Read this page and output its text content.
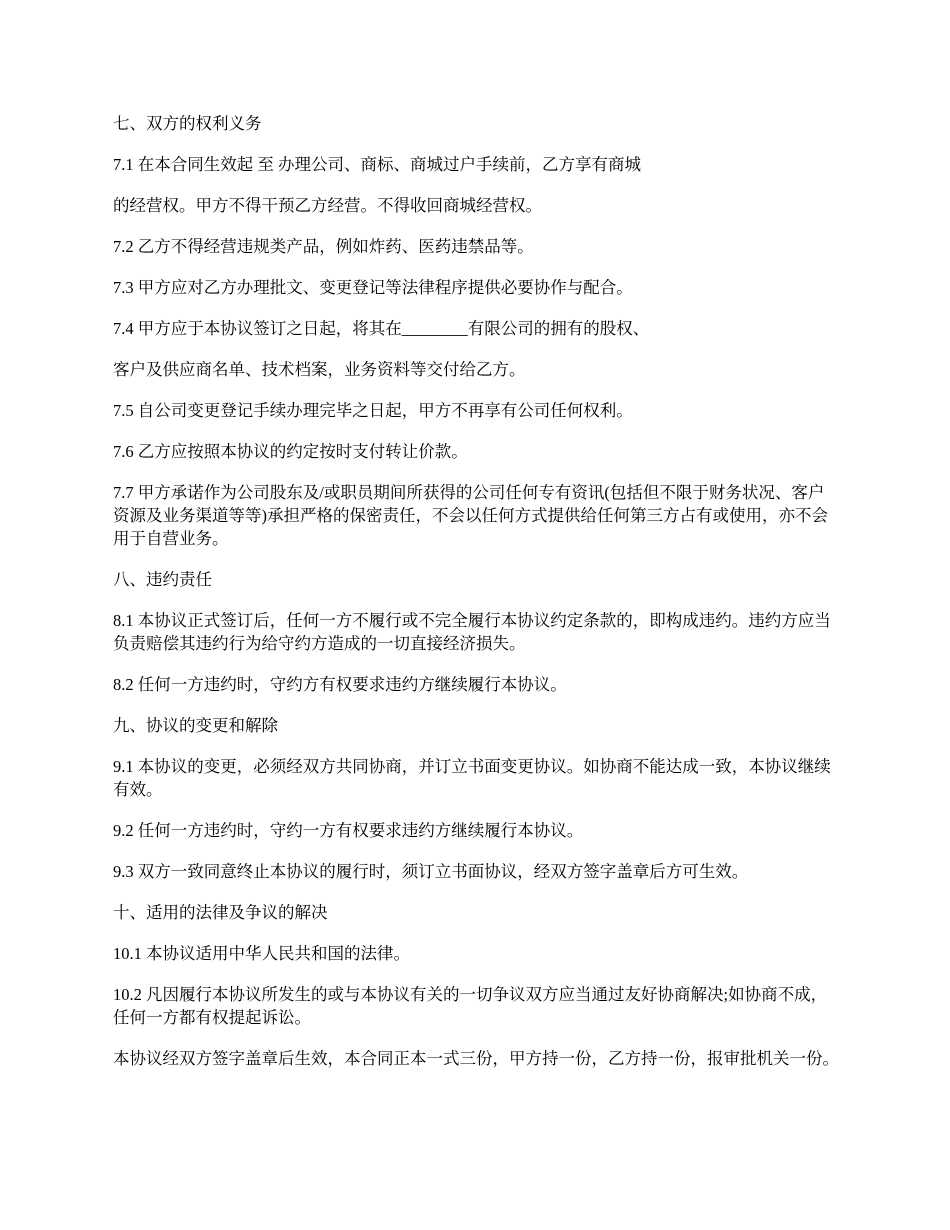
七、双方的权利义务

7.1 在本合同生效起 至 办理公司、商标、商城过户手续前，乙方享有商城

的经营权。甲方不得干预乙方经营。不得收回商城经营权。

7.2 乙方不得经营违规类产品，例如炸药、医药违禁品等。

7.3 甲方应对乙方办理批文、变更登记等法律程序提供必要协作与配合。

7.4 甲方应于本协议签订之日起，将其在________有限公司的拥有的股权、

客户及供应商名单、技术档案，业务资料等交付给乙方。

7.5 自公司变更登记手续办理完毕之日起，甲方不再享有公司任何权利。

7.6 乙方应按照本协议的约定按时支付转让价款。

7.7 甲方承诺作为公司股东及/或职员期间所获得的公司任何专有资讯(包括但不限于财务状况、客户资源及业务渠道等等)承担严格的保密责任，不会以任何方式提供给任何第三方占有或使用，亦不会用于自营业务。

八、违约责任

8.1 本协议正式签订后，任何一方不履行或不完全履行本协议约定条款的，即构成违约。违约方应当负责赔偿其违约行为给守约方造成的一切直接经济损失。

8.2 任何一方违约时，守约方有权要求违约方继续履行本协议。

九、协议的变更和解除

9.1 本协议的变更，必须经双方共同协商，并订立书面变更协议。如协商不能达成一致，本协议继续有效。

9.2 任何一方违约时，守约一方有权要求违约方继续履行本协议。

9.3 双方一致同意终止本协议的履行时，须订立书面协议，经双方签字盖章后方可生效。

十、适用的法律及争议的解决

10.1 本协议适用中华人民共和国的法律。

10.2 凡因履行本协议所发生的或与本协议有关的一切争议双方应当通过友好协商解决;如协商不成，任何一方都有权提起诉讼。

本协议经双方签字盖章后生效，本合同正本一式三份，甲方持一份，乙方持一份，报审批机关一份。
